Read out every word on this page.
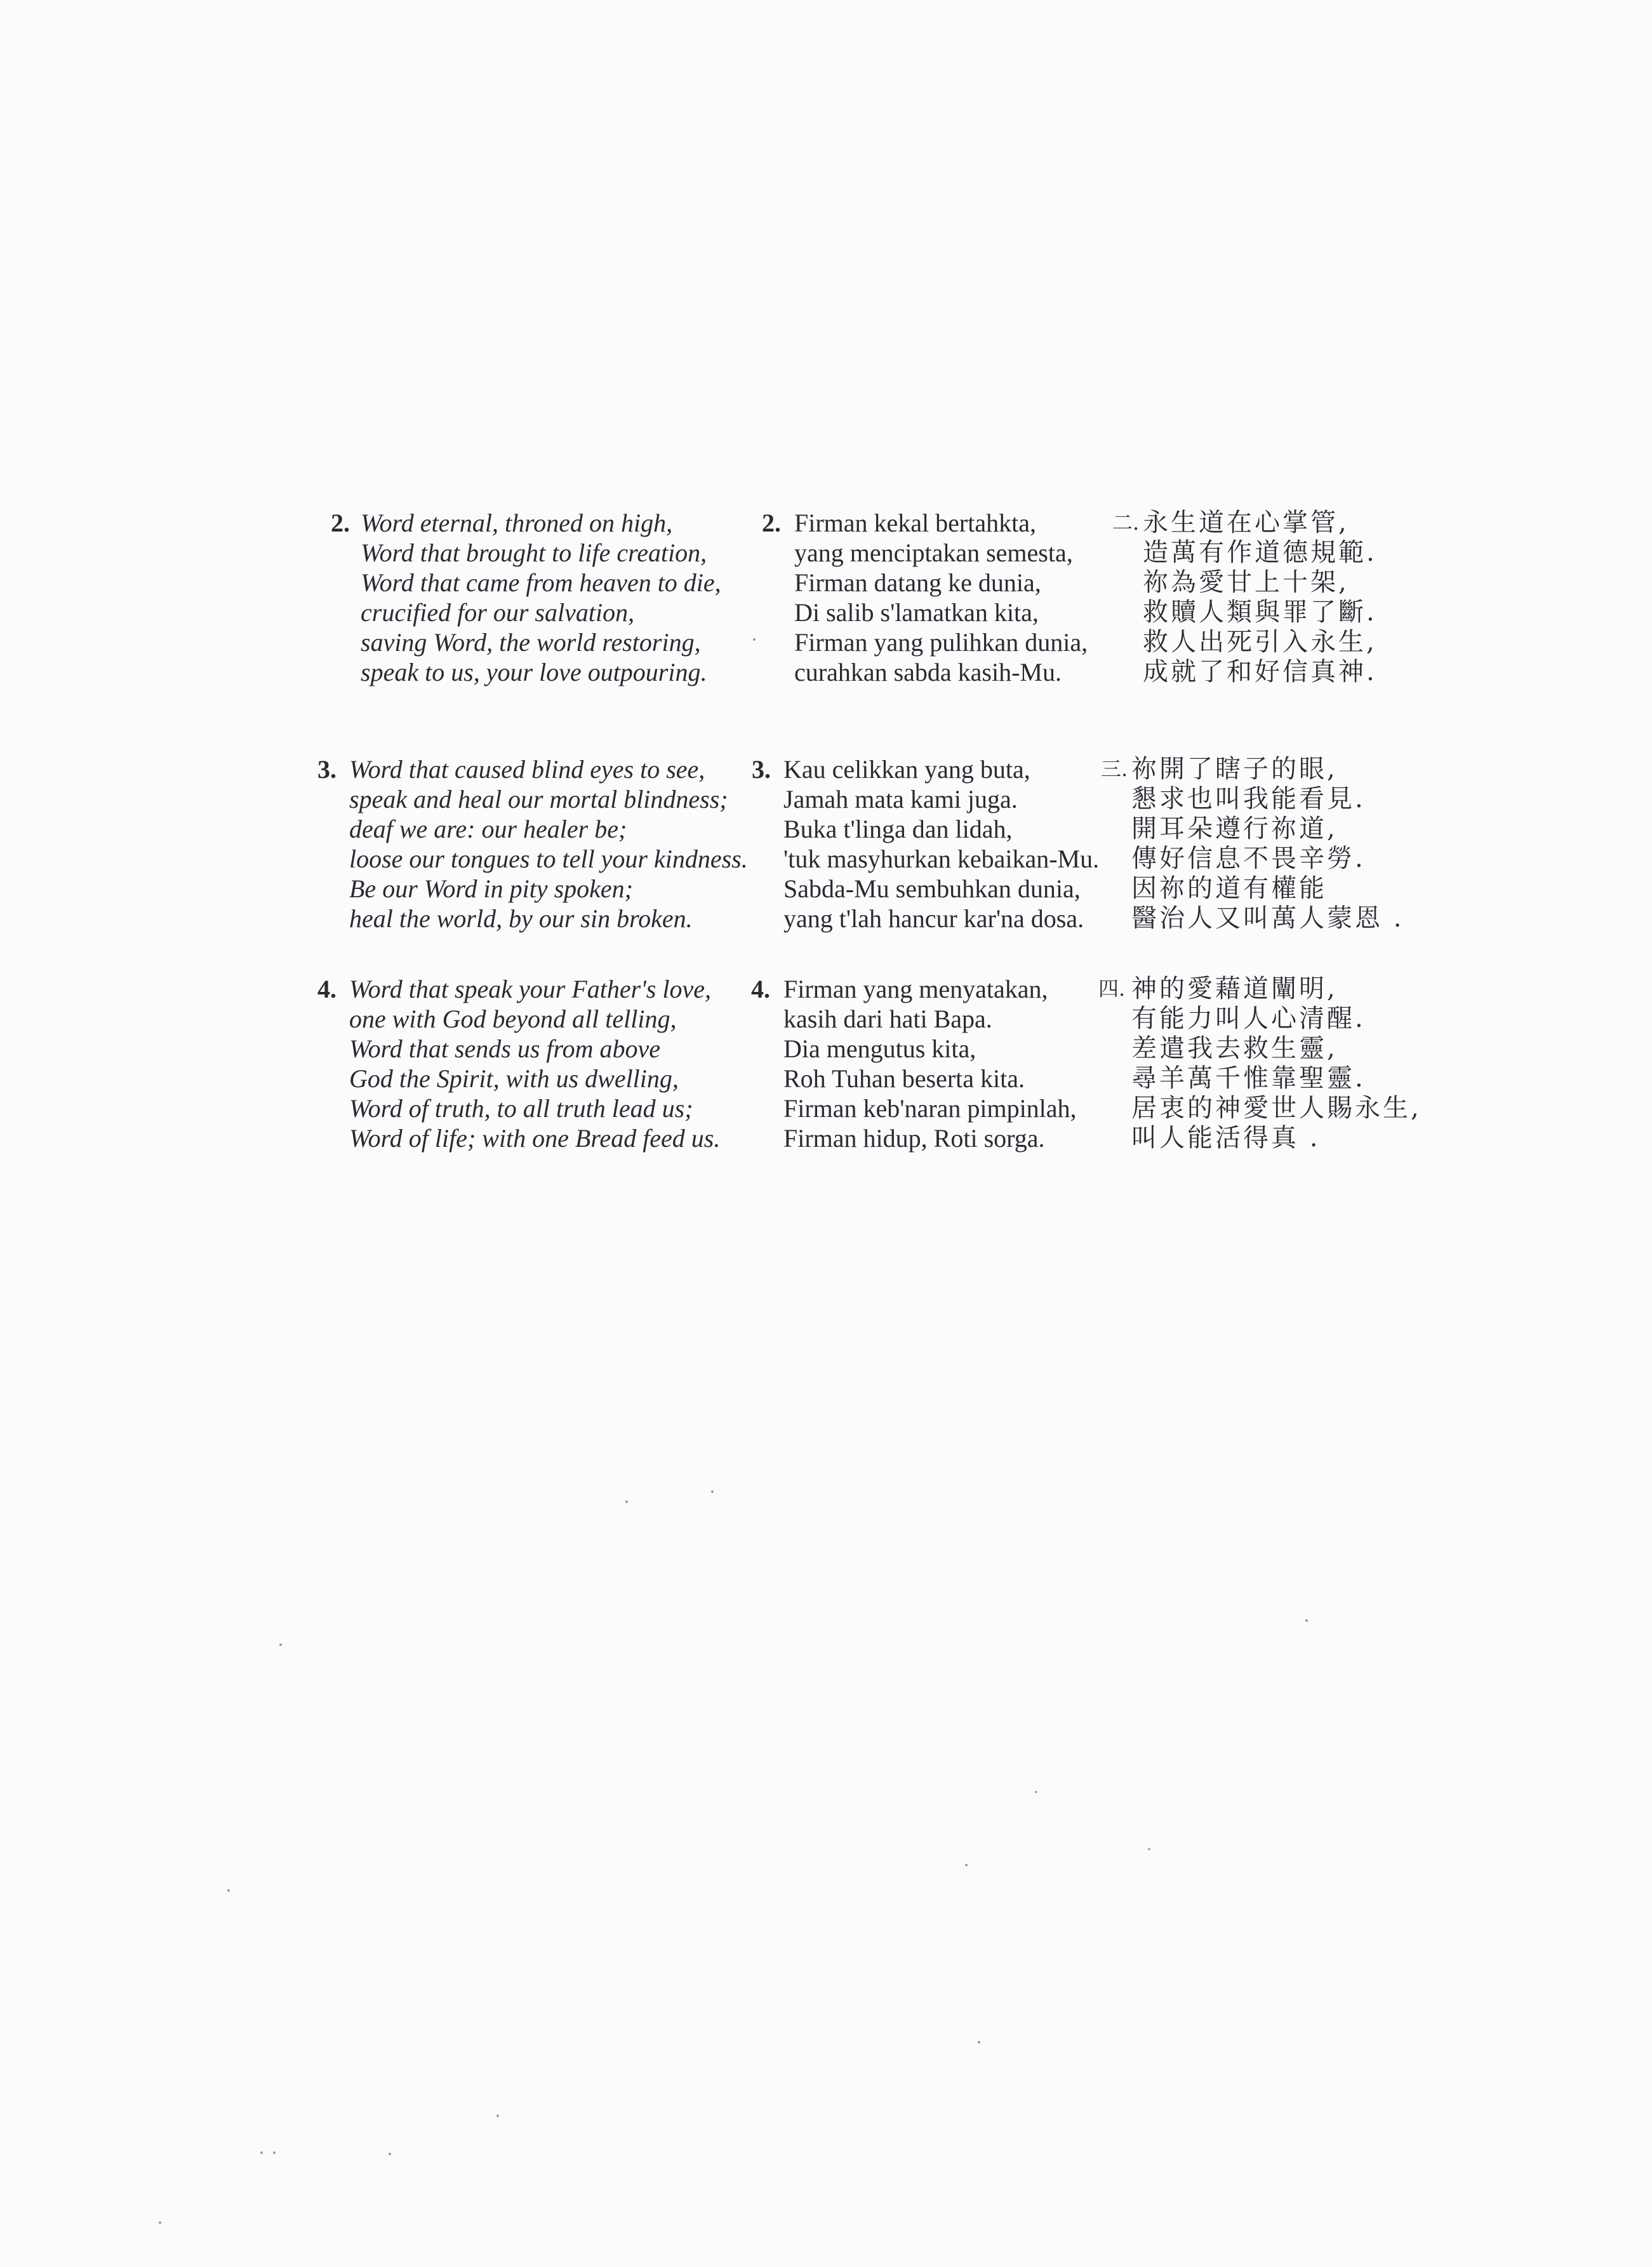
2. Word eternal, throned on high,
Word that brought to life creation,
Word that came from heaven to die,
crucified for our salvation,
saving Word, the world restoring,
speak to us, your love outpouring.
2. Firman kekal bertahkta,
yang menciptakan semesta,
Firman datang ke dunia,
Di salib s'lamatkan kita,
Firman yang pulihkan dunia,
curahkan sabda kasih-Mu.
二. 永生道在心掌管,
造萬有作道德規範.
祢為愛甘上十架,
救贖人類與罪了斷.
救人出死引入永生,
成就了和好信真神.
3. Word that caused blind eyes to see,
speak and heal our mortal blindness;
deaf we are: our healer be;
loose our tongues to tell your kindness.
Be our Word in pity spoken;
heal the world, by our sin broken.
3. Kau celikkan yang buta,
Jamah mata kami juga.
Buka t'linga dan lidah,
'tuk masyhurkan kebaikan-Mu.
Sabda-Mu sembuhkan dunia,
yang t'lah hancur kar'na dosa.
三. 祢開了瞎子的眼,
懇求也叫我能看見.
開耳朵遵行祢道,
傳好信息不畏辛勞.
因祢的道有權能
醫治人又叫萬人蒙恩 .
4. Word that speak your Father's love,
one with God beyond all telling,
Word that sends us from above
God the Spirit, with us dwelling,
Word of truth, to all truth lead us;
Word of life; with one Bread feed us.
4. Firman yang menyatakan,
kasih dari hati Bapa.
Dia mengutus kita,
Roh Tuhan beserta kita.
Firman keb'naran pimpinlah,
Firman hidup, Roti sorga.
四. 神的愛藉道闡明,
有能力叫人心清醒.
差遣我去救生靈,
尋羊萬千惟靠聖靈.
居衷的神愛世人賜永生,
叫人能活得真 .
